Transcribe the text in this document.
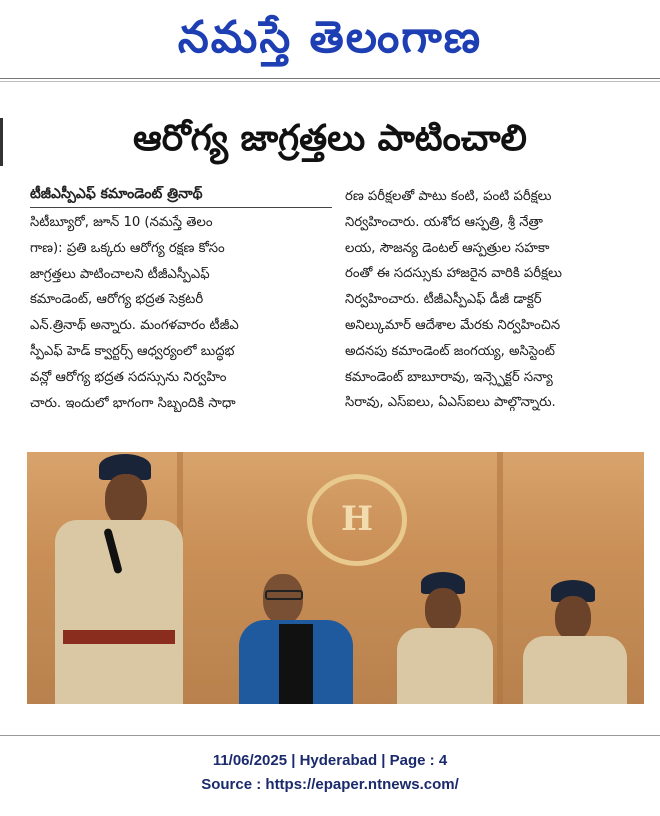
నమస్తే తెలంగాణ
ఆరోగ్య జాగ్రత్తలు పాటించాలి
టీజీఎస్పీఎఫ్ కమాండెంట్ త్రినాథ్
సిటీబ్యూరో, జూన్ 10 (నమస్తే తెలం
గాణ): ప్రతి ఒక్కరు ఆరోగ్య రక్షణ కోసం
జాగ్రత్తలు పాటించాలని టీజీఎస్పీఎఫ్
కమాండెంట్, ఆరోగ్య భద్రత సెక్రటరీ
ఎన్.త్రినాథ్ అన్నారు. మంగళవారం టీజీఎ
స్పీఎఫ్ హెడ్ క్వార్టర్స్ ఆధ్వర్యంలో బుద్ధభ
వన్లో ఆరోగ్య భద్రత సదస్సును నిర్వహిం
చారు. ఇందులో భాగంగా సిబ్బందికి సాధా
రణ పరీక్షలతో పాటు కంటి, పంటి పరీక్షలు
నిర్వహించారు. యశోద ఆస్పత్రి, శ్రీ నేత్రా
లయ, సౌజన్య డెంటల్ ఆస్పత్రుల సహకా
రంతో ఈ సదస్సుకు హాజరైన వారికి పరీక్షలు
నిర్వహించారు. టీజీఎస్పీఎఫ్ డీజీ డాక్టర్
అనిల్కుమార్ ఆదేశాల మేరకు నిర్వహించిన
అదనపు కమాండెంట్ జంగయ్య, అసిస్టెంట్
కమాండెంట్ బాబూరావు, ఇన్స్పెక్టర్ సన్యా
సిరావు, ఎస్ఐలు, ఏఎస్ఐలు పాల్గొన్నారు.
H
11/06/2025 | Hyderabad | Page : 4
Source : https://epaper.ntnews.com/
